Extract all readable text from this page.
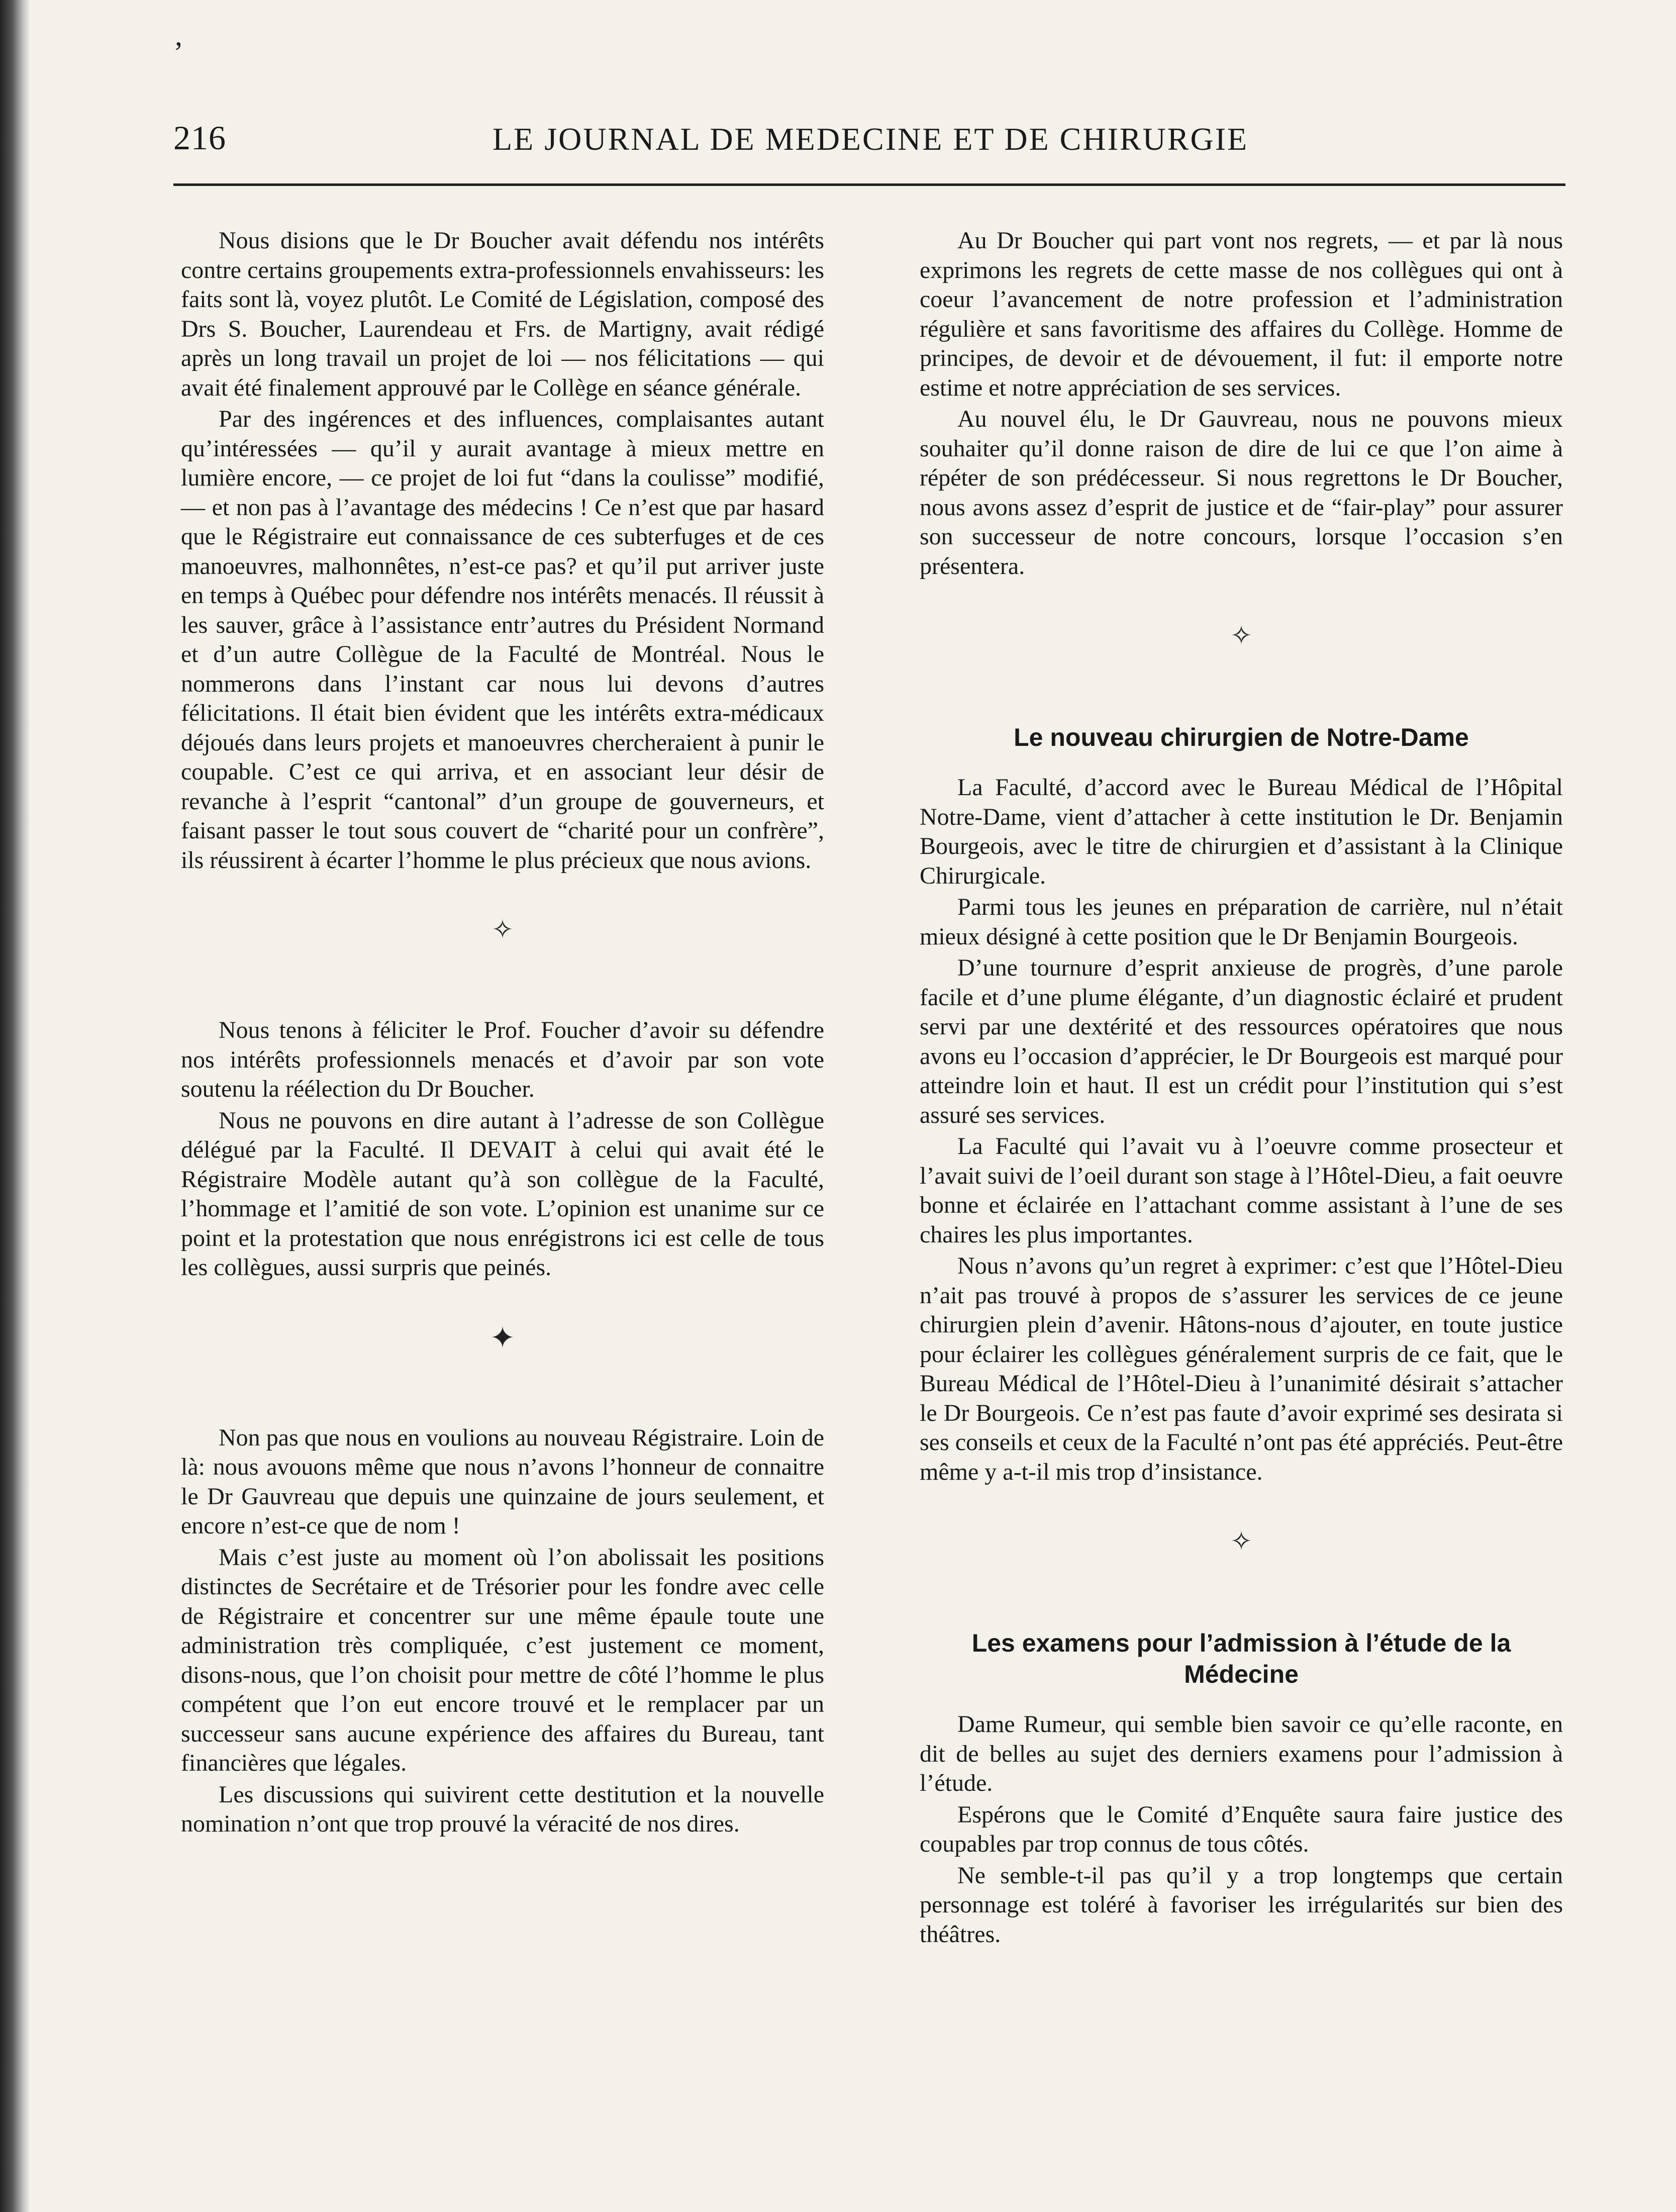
ʼ
216	LE JOURNAL DE MEDECINE ET DE CHIRURGIE

Nous disions que le Dr Boucher avait défendu nos intérêts contre certains groupements extra-professionnels envahisseurs: les faits sont là, voyez plutôt. Le Comité de Législation, composé des Drs S. Boucher, Laurendeau et Frs. de Martigny, avait rédigé après un long travail un projet de loi — nos félicitations — qui avait été finalement approuvé par le Collège en séance générale.

Par des ingérences et des influences, complaisantes autant qu’intéressées — qu’il y aurait avantage à mieux mettre en lumière encore, — ce projet de loi fut “dans la coulisse” modifié, — et non pas à l’avantage des médecins ! Ce n’est que par hasard que le Régistraire eut connaissance de ces subterfuges et de ces manoeuvres, malhonnêtes, n’est-ce pas? et qu’il put arriver juste en temps à Québec pour défendre nos intérêts menacés. Il réussit à les sauver, grâce à l’assistance entr’autres du Président Normand et d’un autre Collègue de la Faculté de Montréal. Nous le nommerons dans l’instant car nous lui devons d’autres félicitations. Il était bien évident que les intérêts extra-médicaux déjoués dans leurs projets et manoeuvres chercheraient à punir le coupable. C’est ce qui arriva, et en associant leur désir de revanche à l’esprit “cantonal” d’un groupe de gouverneurs, et faisant passer le tout sous couvert de “charité pour un confrère”, ils réussirent à écarter l’homme le plus précieux que nous avions.

✧

Nous tenons à féliciter le Prof. Foucher d’avoir su défendre nos intérêts professionnels menacés et d’avoir par son vote soutenu la réélection du Dr Boucher.

Nous ne pouvons en dire autant à l’adresse de son Collègue délégué par la Faculté. Il DEVAIT à celui qui avait été le Régistraire Modèle autant qu’à son collègue de la Faculté, l’hommage et l’amitié de son vote. L’opinion est unanime sur ce point et la protestation que nous enrégistrons ici est celle de tous les collègues, aussi surpris que peinés.

✦

Non pas que nous en voulions au nouveau Régistraire. Loin de là: nous avouons même que nous n’avons l’honneur de connaitre le Dr Gauvreau que depuis une quinzaine de jours seulement, et encore n’est-ce que de nom !

Mais c’est juste au moment où l’on abolissait les positions distinctes de Secrétaire et de Trésorier pour les fondre avec celle de Régistraire et concentrer sur une même épaule toute une administration très compliquée, c’est justement ce moment, disons-nous, que l’on choisit pour mettre de côté l’homme le plus compétent que l’on eut encore trouvé et le remplacer par un successeur sans aucune expérience des affaires du Bureau, tant financières que légales.

Les discussions qui suivirent cette destitution et la nouvelle nomination n’ont que trop prouvé la véracité de nos dires.

Au Dr Boucher qui part vont nos regrets, — et par là nous exprimons les regrets de cette masse de nos collègues qui ont à coeur l’avancement de notre profession et l’administration régulière et sans favoritisme des affaires du Collège. Homme de principes, de devoir et de dévouement, il fut: il emporte notre estime et notre appréciation de ses services.

Au nouvel élu, le Dr Gauvreau, nous ne pouvons mieux souhaiter qu’il donne raison de dire de lui ce que l’on aime à répéter de son prédécesseur. Si nous regrettons le Dr Boucher, nous avons assez d’esprit de justice et de “fair-play” pour assurer son successeur de notre concours, lorsque l’occasion s’en présentera.

✧
Le nouveau chirurgien de Notre-Dame

La Faculté, d’accord avec le Bureau Médical de l’Hôpital Notre-Dame, vient d’attacher à cette institution le Dr. Benjamin Bourgeois, avec le titre de chirurgien et d’assistant à la Clinique Chirurgicale.

Parmi tous les jeunes en préparation de carrière, nul n’était mieux désigné à cette position que le Dr Benjamin Bourgeois.

D’une tournure d’esprit anxieuse de progrès, d’une parole facile et d’une plume élégante, d’un diagnostic éclairé et prudent servi par une dextérité et des ressources opératoires que nous avons eu l’occasion d’apprécier, le Dr Bourgeois est marqué pour atteindre loin et haut. Il est un crédit pour l’institution qui s’est assuré ses services.

La Faculté qui l’avait vu à l’oeuvre comme prosecteur et l’avait suivi de l’oeil durant son stage à l’Hôtel-Dieu, a fait oeuvre bonne et éclairée en l’attachant comme assistant à l’une de ses chaires les plus importantes.

Nous n’avons qu’un regret à exprimer: c’est que l’Hôtel-Dieu n’ait pas trouvé à propos de s’assurer les services de ce jeune chirurgien plein d’avenir. Hâtons-nous d’ajouter, en toute justice pour éclairer les collègues généralement surpris de ce fait, que le Bureau Médical de l’Hôtel-Dieu à l’unanimité désirait s’attacher le Dr Bourgeois. Ce n’est pas faute d’avoir exprimé ses desirata si ses conseils et ceux de la Faculté n’ont pas été appréciés. Peut-être même y a-t-il mis trop d’insistance.

✧
Les examens pour l’admission à l’étude de la Médecine

Dame Rumeur, qui semble bien savoir ce qu’elle raconte, en dit de belles au sujet des derniers examens pour l’admission à l’étude.

Espérons que le Comité d’Enquête saura faire justice des coupables par trop connus de tous côtés.

Ne semble-t-il pas qu’il y a trop longtemps que certain personnage est toléré à favoriser les irrégularités sur bien des théâtres.
